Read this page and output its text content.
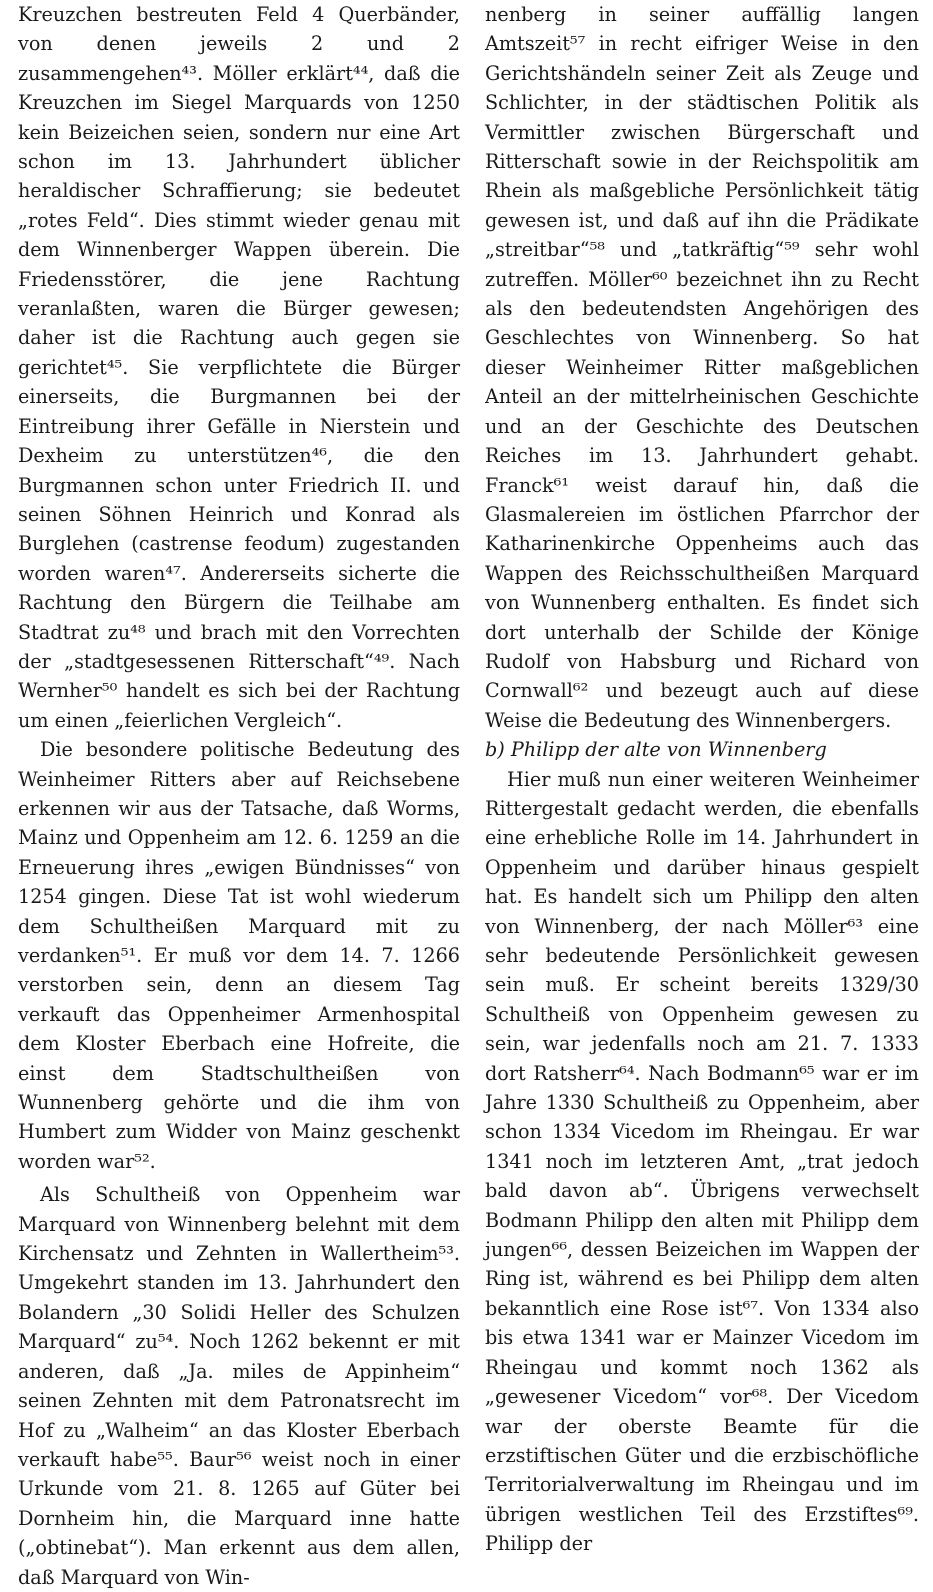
Kreuzchen bestreuten Feld 4 Querbänder, von denen jeweils 2 und 2 zusammengehen⁴³. Möller erklärt⁴⁴, daß die Kreuzchen im Siegel Marquards von 1250 kein Beizeichen seien, sondern nur eine Art schon im 13. Jahrhundert üblicher heraldischer Schraffierung; sie bedeutet „rotes Feld“. Dies stimmt wieder genau mit dem Winnenberger Wappen überein. Die Friedensstörer, die jene Rachtung veranlaßten, waren die Bürger gewesen; daher ist die Rachtung auch gegen sie gerichtet⁴⁵. Sie verpflichtete die Bürger einerseits, die Burgmannen bei der Eintreibung ihrer Gefälle in Nierstein und Dexheim zu unterstützen⁴⁶, die den Burgmannen schon unter Friedrich II. und seinen Söhnen Heinrich und Konrad als Burglehen (castrense feodum) zugestanden worden waren⁴⁷. Andererseits sicherte die Rachtung den Bürgern die Teilhabe am Stadtrat zu⁴⁸ und brach mit den Vorrechten der „stadtgesessenen Ritterschaft“⁴⁹. Nach Wernher⁵⁰ handelt es sich bei der Rachtung um einen „feierlichen Vergleich“.

Die besondere politische Bedeutung des Weinheimer Ritters aber auf Reichsebene erkennen wir aus der Tatsache, daß Worms, Mainz und Oppenheim am 12. 6. 1259 an die Erneuerung ihres „ewigen Bündnisses“ von 1254 gingen. Diese Tat ist wohl wiederum dem Schultheißen Marquard mit zu verdanken⁵¹. Er muß vor dem 14. 7. 1266 verstorben sein, denn an diesem Tag verkauft das Oppenheimer Armenhospital dem Kloster Eberbach eine Hofreite, die einst dem Stadtschultheißen von Wunnenberg gehörte und die ihm von Humbert zum Widder von Mainz geschenkt worden war⁵².

Als Schultheiß von Oppenheim war Marquard von Winnenberg belehnt mit dem Kirchensatz und Zehnten in Wallertheim⁵³. Umgekehrt standen im 13. Jahrhundert den Bolandern „30 Solidi Heller des Schulzen Marquard“ zu⁵⁴. Noch 1262 bekennt er mit anderen, daß „Ja. miles de Appinheim“ seinen Zehnten mit dem Patronatsrecht im Hof zu „Walheim“ an das Kloster Eberbach verkauft habe⁵⁵. Baur⁵⁶ weist noch in einer Urkunde vom 21. 8. 1265 auf Güter bei Dornheim hin, die Marquard inne hatte („obtinebat“). Man erkennt aus dem allen, daß Marquard von Win-

nenberg in seiner auffällig langen Amtszeit⁵⁷ in recht eifriger Weise in den Gerichtshändeln seiner Zeit als Zeuge und Schlichter, in der städtischen Politik als Vermittler zwischen Bürgerschaft und Ritterschaft sowie in der Reichspolitik am Rhein als maßgebliche Persönlichkeit tätig gewesen ist, und daß auf ihn die Prädikate „streitbar“⁵⁸ und „tatkräftig“⁵⁹ sehr wohl zutreffen. Möller⁶⁰ bezeichnet ihn zu Recht als den bedeutendsten Angehörigen des Geschlechtes von Winnenberg. So hat dieser Weinheimer Ritter maßgeblichen Anteil an der mittelrheinischen Geschichte und an der Geschichte des Deutschen Reiches im 13. Jahrhundert gehabt. Franck⁶¹ weist darauf hin, daß die Glasmalereien im östlichen Pfarrchor der Katharinenkirche Oppenheims auch das Wappen des Reichsschultheißen Marquard von Wunnenberg enthalten. Es findet sich dort unterhalb der Schilde der Könige Rudolf von Habsburg und Richard von Cornwall⁶² und bezeugt auch auf diese Weise die Bedeutung des Winnenbergers.

b) Philipp der alte von Winnenberg

Hier muß nun einer weiteren Weinheimer Rittergestalt gedacht werden, die ebenfalls eine erhebliche Rolle im 14. Jahrhundert in Oppenheim und darüber hinaus gespielt hat. Es handelt sich um Philipp den alten von Winnenberg, der nach Möller⁶³ eine sehr bedeutende Persönlichkeit gewesen sein muß. Er scheint bereits 1329/30 Schultheiß von Oppenheim gewesen zu sein, war jedenfalls noch am 21. 7. 1333 dort Ratsherr⁶⁴. Nach Bodmann⁶⁵ war er im Jahre 1330 Schultheiß zu Oppenheim, aber schon 1334 Vicedom im Rheingau. Er war 1341 noch im letzteren Amt, „trat jedoch bald davon ab“. Übrigens verwechselt Bodmann Philipp den alten mit Philipp dem jungen⁶⁶, dessen Beizeichen im Wappen der Ring ist, während es bei Philipp dem alten bekanntlich eine Rose ist⁶⁷. Von 1334 also bis etwa 1341 war er Mainzer Vicedom im Rheingau und kommt noch 1362 als „gewesener Vicedom“ vor⁶⁸. Der Vicedom war der oberste Beamte für die erzstiftischen Güter und die erzbischöfliche Territorialverwaltung im Rheingau und im übrigen westlichen Teil des Erzstiftes⁶⁹. Philipp der
